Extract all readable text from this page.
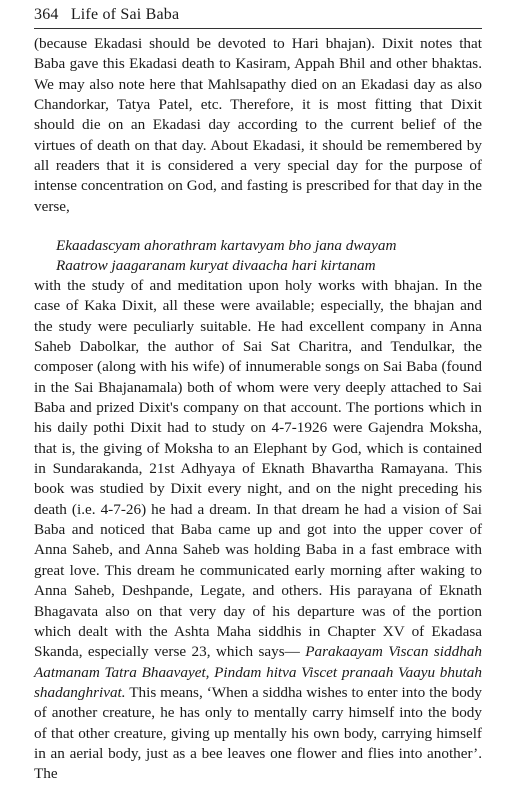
364 Life of Sai Baba

(because Ekadasi should be devoted to Hari bhajan). Dixit notes that Baba gave this Ekadasi death to Kasiram, Appah Bhil and other bhaktas. We may also note here that Mahlsapathy died on an Ekadasi day as also Chandorkar, Tatya Patel, etc. Therefore, it is most fitting that Dixit should die on an Ekadasi day according to the current belief of the virtues of death on that day. About Ekadasi, it should be remembered by all readers that it is considered a very special day for the purpose of intense concentration on God, and fasting is prescribed for that day in the verse,

Ekaadascyam ahorathram kartavyam bho jana dwayam
Raatrow jaagaranam kuryat divaacha hari kirtanam

with the study of and meditation upon holy works with bhajan. In the case of Kaka Dixit, all these were available; especially, the bhajan and the study were peculiarly suitable. He had excellent company in Anna Saheb Dabolkar, the author of Sai Sat Charitra, and Tendulkar, the composer (along with his wife) of innumerable songs on Sai Baba (found in the Sai Bhajanamala) both of whom were very deeply attached to Sai Baba and prized Dixit's company on that account. The portions which in his daily pothi Dixit had to study on 4-7-1926 were Gajendra Moksha, that is, the giving of Moksha to an Elephant by God, which is contained in Sundarakanda, 21st Adhyaya of Eknath Bhavartha Ramayana. This book was studied by Dixit every night, and on the night preceding his death (i.e. 4-7-26) he had a dream. In that dream he had a vision of Sai Baba and noticed that Baba came up and got into the upper cover of Anna Saheb, and Anna Saheb was holding Baba in a fast embrace with great love. This dream he communicated early morning after waking to Anna Saheb, Deshpande, Legate, and others. His parayana of Eknath Bhagavata also on that very day of his departure was of the portion which dealt with the Ashta Maha siddhis in Chapter XV of Ekadasa Skanda, especially verse 23, which says— Parakaayam Viscan siddhah Aatmanam Tatra Bhaavayet, Pindam hitva Viscet pranaah Vaayu bhutah shadanghrivat. This means, ‘When a siddha wishes to enter into the body of another creature, he has only to mentally carry himself into the body of that other creature, giving up mentally his own body, carrying himself in an aerial body, just as a bee leaves one flower and flies into another’. The
